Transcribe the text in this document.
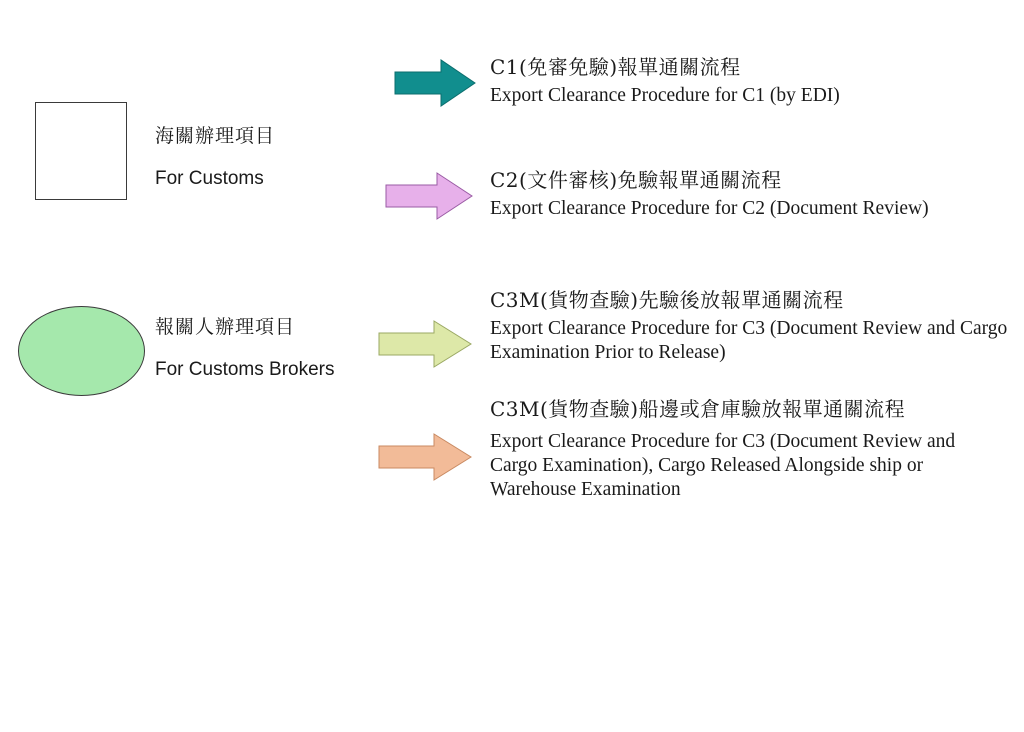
海關辦理項目
For Customs
報關人辦理項目
For Customs Brokers
C1(免審免驗)報單通關流程
Export Clearance Procedure for C1 (by EDI)
C2(文件審核)免驗報單通關流程
Export Clearance Procedure for C2 (Document Review)
C3M(貨物查驗)先驗後放報單通關流程
Export Clearance Procedure for C3 (Document Review and Cargo Examination Prior to Release)
C3M(貨物查驗)船邊或倉庫驗放報單通關流程
Export Clearance Procedure for C3 (Document Review and Cargo Examination), Cargo Released Alongside ship or Warehouse Examination
